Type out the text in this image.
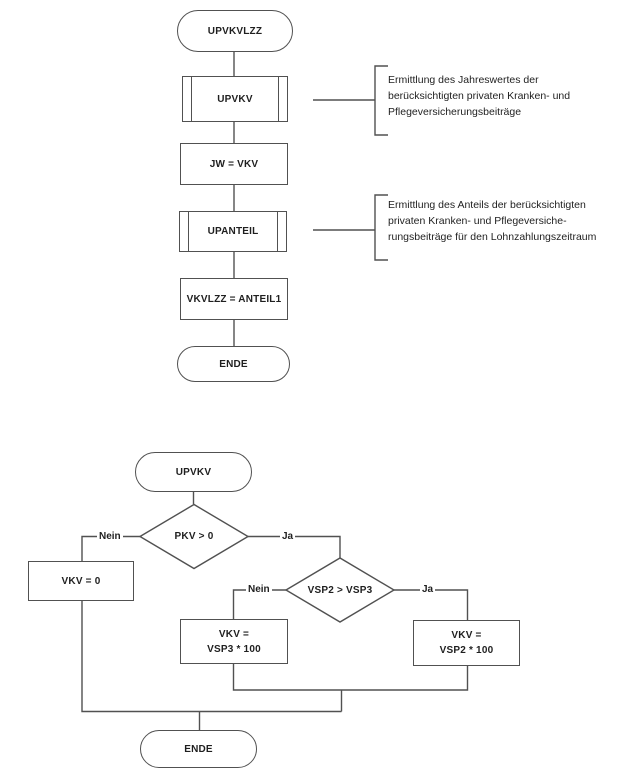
UPVKVLZZ
UPVKV
JW = VKV
UPANTEIL
VKVLZZ = ANTEIL1
ENDE
Ermittlung des Jahreswertes der
berücksichtigten privaten Kranken- und
Pflegeversicherungsbeiträge
Ermittlung des Anteils der berücksichtigten
privaten Kranken- und Pflegeversiche-
rungsbeiträge für den Lohnzahlungszeitraum
UPVKV
PKV > 0
Nein	Ja
VKV = 0
VSP2 > VSP3
Nein	Ja
VKV =
VSP3 * 100
VKV =
VSP2 * 100
ENDE
